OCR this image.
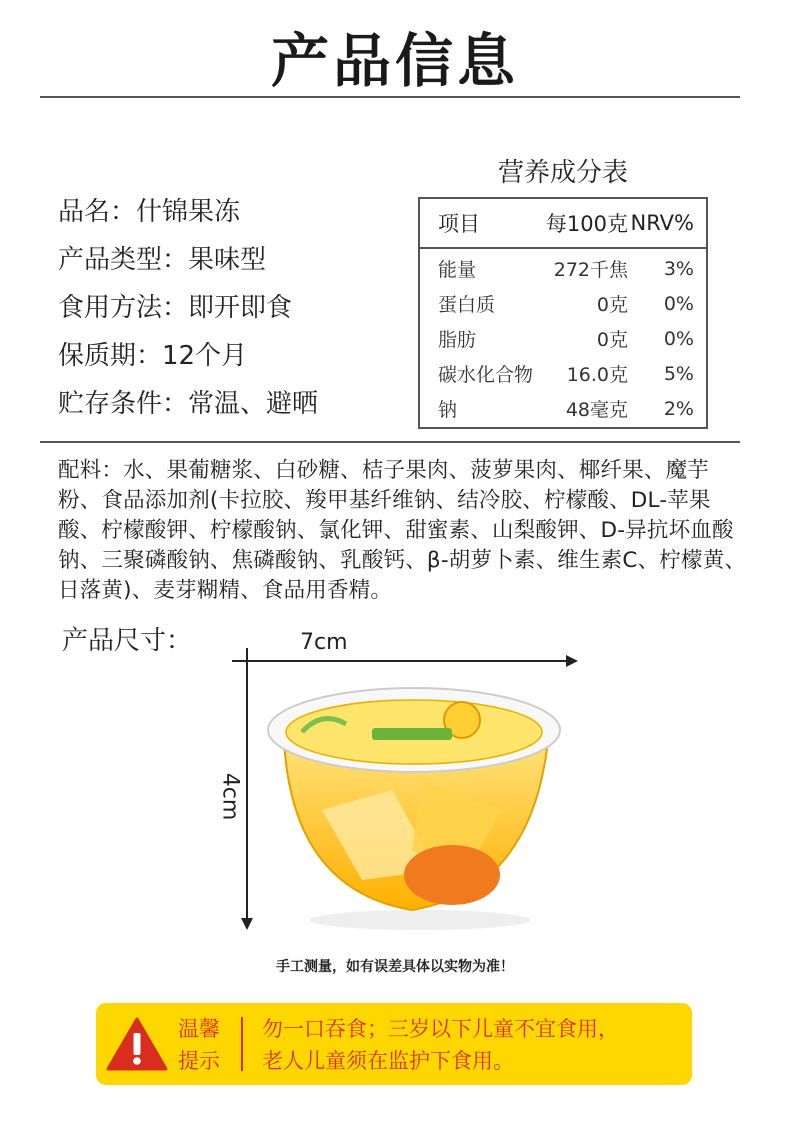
产品信息
品名：什锦果冻
产品类型：果味型
食用方法：即开即食
保质期：12个月
贮存条件：常温、避晒
营养成分表
项目	每100克 NRV%
能量	272千焦	3%
蛋白质	0克	0%
脂肪	0克	0%
碳水化合物	16.0克	5%
钠	48毫克	2%
配料：水、果葡糖浆、白砂糖、桔子果肉、菠萝果肉、椰纤果、魔芋粉、食品添加剂(卡拉胶、羧甲基纤维钠、结冷胶、柠檬酸、DL-苹果酸、柠檬酸钾、柠檬酸钠、氯化钾、甜蜜素、山梨酸钾、D-异抗坏血酸钠、三聚磷酸钠、焦磷酸钠、乳酸钙、β-胡萝卜素、维生素C、柠檬黄、日落黄)、麦芽糊精、食品用香精。
产品尺寸：	7cm
4cm
手工测量，如有误差具体以实物为准！
温馨
提示
勿一口吞食；三岁以下儿童不宜食用，
老人儿童须在监护下食用。
